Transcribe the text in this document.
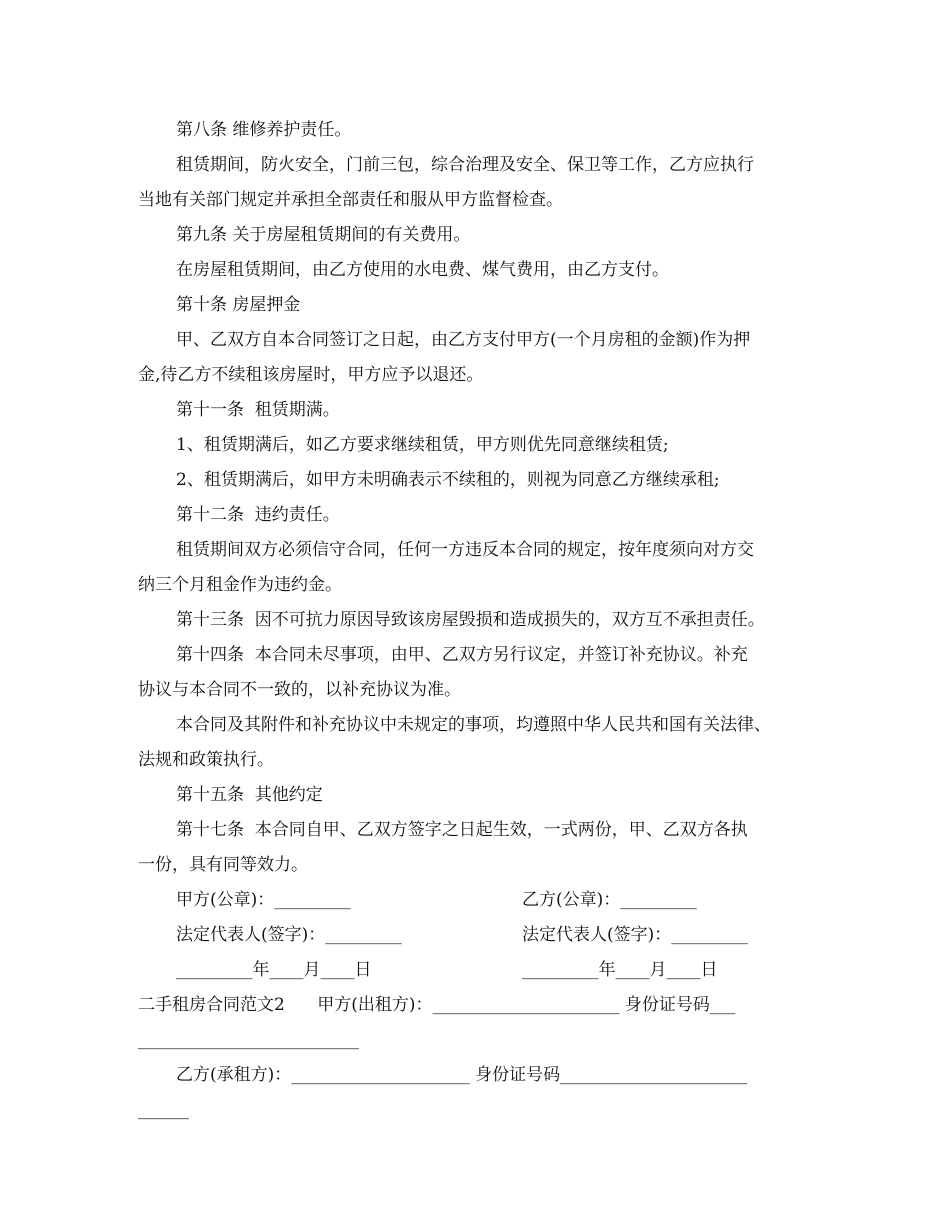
第八条 维修养护责任。
租赁期间，防火安全，门前三包，综合治理及安全、保卫等工作，乙方应执行
当地有关部门规定并承担全部责任和服从甲方监督检查。
第九条 关于房屋租赁期间的有关费用。
在房屋租赁期间，由乙方使用的水电费、煤气费用，由乙方支付。
第十条 房屋押金
甲、乙双方自本合同签订之日起，由乙方支付甲方(一个月房租的金额)作为押
金,待乙方不续租该房屋时，甲方应予以退还。
第十一条  租赁期满。
1、租赁期满后，如乙方要求继续租赁，甲方则优先同意继续租赁;
2、租赁期满后，如甲方未明确表示不续租的，则视为同意乙方继续承租;
第十二条  违约责任。
租赁期间双方必须信守合同，任何一方违反本合同的规定，按年度须向对方交
纳三个月租金作为违约金。
第十三条  因不可抗力原因导致该房屋毁损和造成损失的，双方互不承担责任。
第十四条  本合同未尽事项，由甲、乙双方另行议定，并签订补充协议。补充
协议与本合同不一致的，以补充协议为准。
本合同及其附件和补充协议中未规定的事项，均遵照中华人民共和国有关法律、
法规和政策执行。
第十五条  其他约定
第十七条  本合同自甲、乙双方签字之日起生效，一式两份，甲、乙双方各执
一份，具有同等效力。
甲方(公章)：_________	乙方(公章)：_________
法定代表人(签字)：_________	法定代表人(签字)：_________
_________年____月____日	_________年____月____日
二手租房合同范文2      甲方(出租方)：______________________ 身份证号码___
__________________________
乙方(承租方)：_____________________ 身份证号码______________________
______
